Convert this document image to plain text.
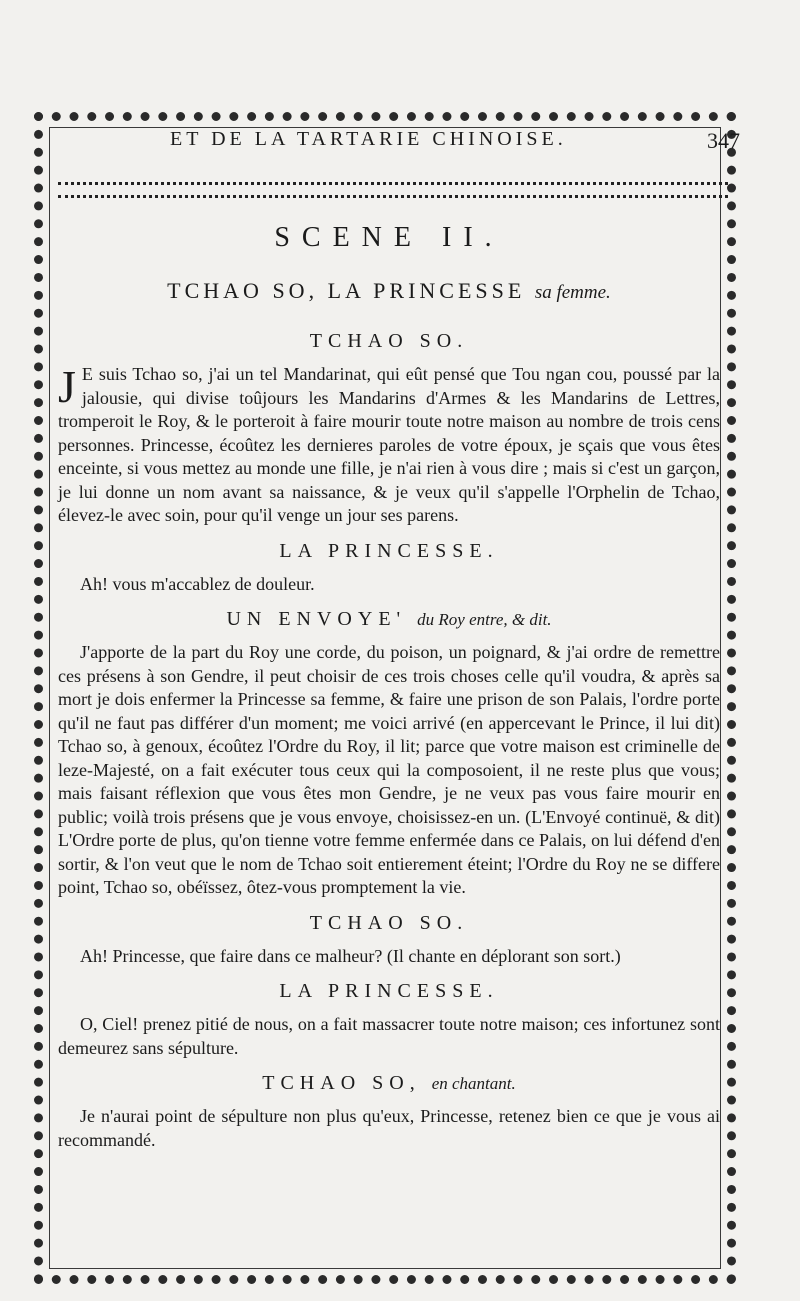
ET DE LA TARTARIE CHINOISE.	347
SCENE II.
TCHAO SO, LA PRINCESSE sa femme.
TCHAO SO.

J E suis Tchao so, j'ai un tel Mandarinat, qui eût pensé que Tou ngan cou, poussé par la jalousie, qui divise toûjours les Mandarins d'Armes & les Mandarins de Lettres, tromperoit le Roy, & le porteroit à faire mourir toute notre maison au nombre de trois cens personnes. Princesse, écoûtez les dernieres paroles de votre époux, je sçais que vous êtes enceinte, si vous mettez au monde une fille, je n'ai rien à vous dire ; mais si c'est un garçon, je lui donne un nom avant sa naissance, & je veux qu'il s'appelle l'Orphelin de Tchao, élevez-le avec soin, pour qu'il venge un jour ses parens.

LA PRINCESSE.

Ah! vous m'accablez de douleur.

UN ENVOYE' du Roy entre, & dit.

J'apporte de la part du Roy une corde, du poison, un poignard, & j'ai ordre de remettre ces présens à son Gendre, il peut choisir de ces trois choses celle qu'il voudra, & après sa mort je dois enfermer la Princesse sa femme, & faire une prison de son Palais, l'ordre porte qu'il ne faut pas différer d'un moment; me voici arrivé (en appercevant le Prince, il lui dit) Tchao so, à genoux, écoûtez l'Ordre du Roy, il lit; parce que votre maison est criminelle de leze-Majesté, on a fait exécuter tous ceux qui la composoient, il ne reste plus que vous; mais faisant réflexion que vous êtes mon Gendre, je ne veux pas vous faire mourir en public; voilà trois présens que je vous envoye, choisissez-en un. (L'Envoyé continuë, & dit) L'Ordre porte de plus, qu'on tienne votre femme enfermée dans ce Palais, on lui défend d'en sortir, & l'on veut que le nom de Tchao soit entierement éteint; l'Ordre du Roy ne se differe point, Tchao so, obéïssez, ôtez-vous promptement la vie.

TCHAO SO.

Ah! Princesse, que faire dans ce malheur? (Il chante en déplorant son sort.)

LA PRINCESSE.

O, Ciel! prenez pitié de nous, on a fait massacrer toute notre maison; ces infortunez sont demeurez sans sépulture.

TCHAO SO, en chantant.

Je n'aurai point de sépulture non plus qu'eux, Princesse, retenez bien ce que je vous ai recommandé.
